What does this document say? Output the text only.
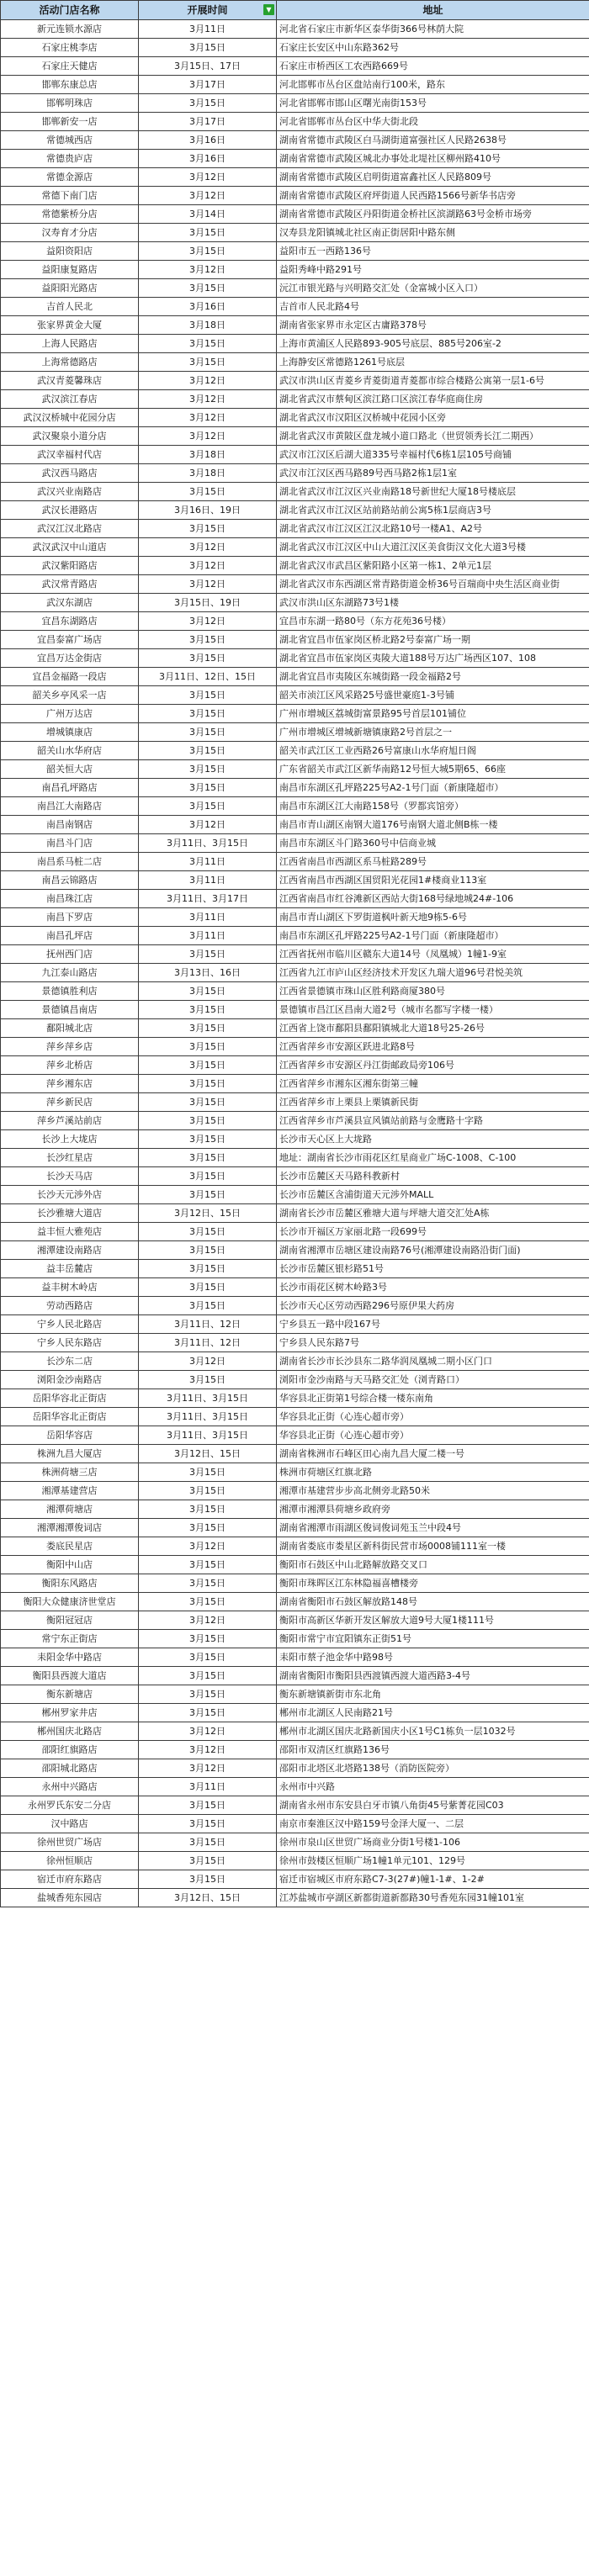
活动门店名称	开展时间 ▼	地址
新元连锁水源店	3月11日	河北省石家庄市新华区泰华街366号林荫大院
石家庄桃李店	3月15日	石家庄长安区中山东路362号
石家庄天健店	3月15日、17日	石家庄市桥西区工农西路669号
邯郸东康总店	3月17日	河北邯郸市丛台区盘站南行100米，路东
邯郸明珠店	3月15日	河北省邯郸市邯山区曙光南街153号
邯郸新安一店	3月17日	河北省邯郸市丛台区中华大街北段
常德城西店	3月16日	湖南省常德市武陵区白马湖街道富强社区人民路2638号
常德贵庐店	3月16日	湖南省常德市武陵区城北办事处北堤社区柳州路410号
常德金源店	3月12日	湖南省常德市武陵区启明街道富鑫社区人民路809号
常德下南门店	3月12日	湖南省常德市武陵区府坪街道人民西路1566号新华书店旁
常德紫桥分店	3月14日	湖南省常德市武陵区丹阳街道金桥社区滨湖路63号金桥市场旁
汉寿育才分店	3月15日	汉寿县龙阳镇城北社区南正街居阳中路东侧
益阳资阳店	3月15日	益阳市五一西路136号
益阳康复路店	3月12日	益阳秀峰中路291号
益阳阳光路店	3月15日	沅江市银光路与兴明路交汇处（金富城小区入口）
吉首人民北	3月16日	吉首市人民北路4号
张家界黄金大厦	3月18日	湖南省张家界市永定区古庸路378号
上海人民路店	3月15日	上海市黄浦区人民路893-905号底层、885号206室-2
上海常德路店	3月15日	上海静安区常德路1261号底层
武汉青菱馨珠店	3月12日	武汉市洪山区青菱乡青菱街道青菱都市综合楼路公寓第一层1-6号
武汉滨江春店	3月12日	湖北省武汉市蔡甸区滨江路口区滨江春华庭商住房
武汉汉桥城中花园分店	3月12日	湖北省武汉市汉阳区汉桥城中花园小区旁
武汉聚泉小道分店	3月12日	湖北省武汉市黄陂区盘龙城小道口路北（世贸领秀长江二期西）
武汉幸福村代店	3月18日	武汉市江汉区后湖大道335号幸福村代6栋1层105号商铺
武汉西马路店	3月18日	武汉市江汉区西马路89号西马路2栋1层1室
武汉兴业南路店	3月15日	湖北省武汉市江汉区兴业南路18号新世纪大厦18号楼底层
武汉长港路店	3月16日、19日	湖北省武汉市江汉区站前路站前公寓5栋1层商店3号
武汉江汉北路店	3月15日	湖北省武汉市江汉区江汉北路10号一楼A1、A2号
武汉武汉中山道店	3月12日	湖北省武汉市江汉区中山大道江汉区美食街汉文化大道3号楼
武汉紫阳路店	3月12日	湖北省武汉市武昌区紫阳路小区第一栋1、2单元1层
武汉常青路店	3月12日	湖北省武汉市东西湖区常青路街道金桥36号百瑞商中央生活区商业街
武汉东湖店	3月15日、19日	武汉市洪山区东湖路73号1楼
宜昌东湖路店	3月12日	宜昌市东湖一路80号（东方花苑36号楼）
宜昌泰富广场店	3月15日	湖北省宜昌市伍家岗区桥北路2号泰富广场一期
宜昌万达金街店	3月15日	湖北省宜昌市伍家岗区夷陵大道188号万达广场西区107、108
宜昌金福路一段店	3月11日、12日、15日	湖北省宜昌市夷陵区东城街路一段金福路2号
韶关乡亭风采一店	3月15日	韶关市浈江区风采路25号盛世豪庭1-3号铺
广州万达店	3月15日	广州市增城区荔城街富景路95号首层101铺位
增城镇康店	3月15日	广州市增城区增城新塘镇康路2号首层之一
韶关山水华府店	3月15日	韶关市武江区工业西路26号富康山水华府旭日阁
韶关恒大店	3月15日	广东省韶关市武江区新华南路12号恒大城5期65、66座
南昌孔坪路店	3月15日	南昌市东湖区孔坪路225号A2-1号门面（新康隆超市）
南昌江大南路店	3月15日	南昌市东湖区江大南路158号（罗都宾馆旁）
南昌南钢店	3月12日	南昌市青山湖区南钢大道176号南钢大道北侧B栋一楼
南昌斗门店	3月11日、3月15日	南昌市东湖区斗门路360号中信商业城
南昌系马桩二店	3月11日	江西省南昌市西湖区系马桩路289号
南昌云锦路店	3月11日	江西省南昌市西湖区国贸阳光花园1#楼商业113室
南昌珠江店	3月11日、3月17日	江西省南昌市红谷滩新区西站大街168号绿地城24#-106
南昌下罗店	3月11日	南昌市青山湖区下罗街道枫叶新天地9栋5-6号
南昌孔坪店	3月11日	南昌市东湖区孔坪路225号A2-1号门面（新康隆超市）
抚州西门店	3月15日	江西省抚州市临川区赣东大道14号（凤凰城）1幢1-9室
九江泰山路店	3月13日、16日	江西省九江市庐山区经济技术开发区九瑞大道96号君悦美筑
景德镇胜利店	3月15日	江西省景德镇市珠山区胜利路商厦380号
景德镇昌南店	3月15日	景德镇市昌江区昌南大道2号（城市名都写字楼一楼）
鄱阳城北店	3月15日	江西省上饶市鄱阳县鄱阳镇城北大道18号25-26号
萍乡萍乡店	3月15日	江西省萍乡市安源区跃进北路8号
萍乡北桥店	3月15日	江西省萍乡市安源区丹江街邮政局旁106号
萍乡湘东店	3月15日	江西省萍乡市湘东区湘东街第三幢
萍乡新民店	3月15日	江西省萍乡市上栗县上栗镇新民街
萍乡芦溪站前店	3月15日	江西省萍乡市芦溪县宣风镇站前路与金鹰路十字路
长沙上大垅店	3月15日	长沙市天心区上大垅路
长沙红星店	3月15日	地址：湖南省长沙市雨花区红星商业广场C-1008、C-100
长沙天马店	3月15日	长沙市岳麓区天马路科教新村
长沙天元涉外店	3月15日	长沙市岳麓区含浦街道天元涉外MALL
长沙雅塘大道店	3月12日、15日	湖南省长沙市岳麓区雅塘大道与坪塘大道交汇处A栋
益丰恒大雅苑店	3月15日	长沙市开福区万家丽北路一段699号
湘潭建设南路店	3月15日	湖南省湘潭市岳塘区建设南路76号(湘潭建设南路沿街门面)
益丰岳麓店	3月15日	长沙市岳麓区银杉路51号
益丰树木岭店	3月15日	长沙市雨花区树木岭路3号
劳动西路店	3月15日	长沙市天心区劳动西路296号原伊果大药房
宁乡人民北路店	3月11日、12日	宁乡县五一路中段167号
宁乡人民东路店	3月11日、12日	宁乡县人民东路7号
长沙东二店	3月12日	湖南省长沙市长沙县东二路华润凤凰城二期小区门口
浏阳金沙南路店	3月15日	浏阳市金沙南路与天马路交汇处（浏青路口）
岳阳华容北正街店	3月11日、3月15日	华容县北正街第1号综合楼一楼东南角
岳阳华容北正街店	3月11日、3月15日	华容县北正街（心连心超市旁）
岳阳华容店	3月11日、3月15日	华容县北正街（心连心超市旁）
株洲九昌大厦店	3月12日、15日	湖南省株洲市石峰区田心南九昌大厦二楼一号
株洲荷塘三店	3月15日	株洲市荷塘区红旗北路
湘潭基建营店	3月15日	湘潭市基建营步步高北侧旁北路50米
湘潭荷塘店	3月15日	湘潭市湘潭县荷塘乡政府旁
湘潭湘潭俊词店	3月15日	湖南省湘潭市雨湖区俊词俊词苑玉兰中段4号
娄底民星店	3月12日	湖南省娄底市娄星区新科街民营市场0008铺111室一楼
衡阳中山店	3月15日	衡阳市石鼓区中山北路解放路交叉口
衡阳东风路店	3月15日	衡阳市珠晖区江东林隐福喜槽楼旁
衡阳大众健康济世堂店	3月15日	湖南省衡阳市石鼓区解放路148号
衡阳冠冠店	3月12日	衡阳市高新区华新开发区解放大道9号大厦1楼111号
常宁东正街店	3月15日	衡阳市常宁市宜阳镇东正街51号
耒阳金华中路店	3月15日	耒阳市蔡子池金华中路98号
衡阳县西渡大道店	3月15日	湖南省衡阳市衡阳县西渡镇西渡大道西路3-4号
衡东新塘店	3月15日	衡东新塘镇新街市东北角
郴州罗家井店	3月15日	郴州市北湖区人民南路21号
郴州国庆北路店	3月12日	郴州市北湖区国庆北路新国庆小区1号C1栋负一层1032号
邵阳红旗路店	3月12日	邵阳市双清区红旗路136号
邵阳城北路店	3月12日	邵阳市北塔区北塔路138号（消防医院旁）
永州中兴路店	3月11日	永州市中兴路
永州罗氏东安二分店	3月15日	湖南省永州市东安县白牙市镇八角街45号紫菁花园C03
汉中路店	3月15日	南京市秦淮区汉中路159号金泽大厦一、二层
徐州世贸广场店	3月15日	徐州市泉山区世贸广场商业分街1号楼1-106
徐州恒顺店	3月15日	徐州市鼓楼区恒顺广场1幢1单元101、129号
宿迁市府东路店	3月15日	宿迁市宿城区市府东路C7-3(27#)幢1-1#、1-2#
盐城香苑东园店	3月12日、15日	江苏盐城市亭湖区新都街道新都路30号香苑东园31幢101室
